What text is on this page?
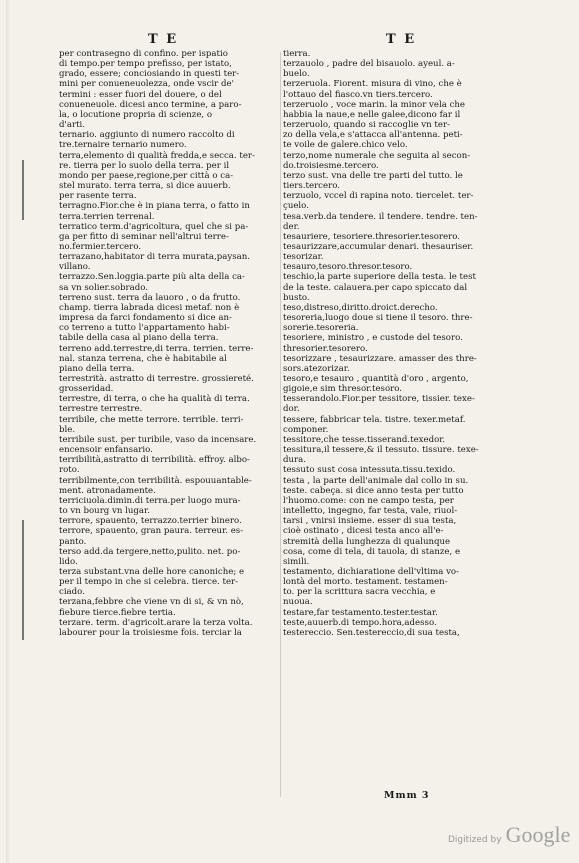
T E	T E
per contrasegno di confino. per ispatio
di tempo.per tempo prefisso, per istato,
grado, essere; conciosiando in questi ter-
mini per conueneuolezza, onde vscir de'
termini : esser fuori del douere, o del
conueneuole. dicesi anco termine, a paro-
la, o locutione propria di scienze, o
d'arti.
ternario. aggiunto di numero raccolto di
tre.ternaire ternario numero.
terra,elemento di qualità fredda,e secca. ter-
re. tierra per lo suolo della terra. per il
mondo per paese,regione,per città o ca-
stel murato. terra terra, si dice auuerb.
per rasente terra.
terragno.Fior.che è in piana terra, o fatto in
terra.terrien terrenal.
terratico term.d'agricoltura, quel che si pa-
ga per fitto di seminar nell'altrui terre-
no.fermier.tercero.
terrazano,habitator di terra murata,paysan.
villano.
terrazzo.Sen.loggia.parte più alta della ca-
sa vn solier.sobrado.
terreno sust. terra da lauoro , o da frutto.
champ. tierra labrada dicesi metaf. non è
impresa da farci fondamento si dice an-
co terreno a tutto l'appartamento habi-
tabile della casa al piano della terra.
terreno add.terrestre,di terra. terrien. terre-
nal. stanza terrena, che è habitabile al
piano della terra.
terrestrità. astratto di terrestre. grossiereté.
grosseridad.
terrestre, di terra, o che ha qualità di terra.
terrestre terrestre.
terribile, che mette terrore. terrible. terri-
ble.
terribile sust. per turibile, vaso da incensare.
encensoir enfansario.
terribilità,astratto di terribilità. effroy. albo-
roto.
terribilmente,con terribilità. espouuantable-
ment. atronadamente.
terriciuola.dimin.di terra.per luogo mura-
to vn bourg vn lugar.
terrore, spauento, terrazzo.terrier binero.
terrore, spauento, gran paura. terreur. es-
panto.
terso add.da tergere,netto,pulito. net. po-
lido.
terza substant.vna delle hore canoniche; e
per il tempo in che si celebra. tierce. ter-
ciado.
terzana,febbre che viene vn di si, & vn nò,
fiebure tierce.fiebre tertia.
terzare. term. d'agricolt.arare la terza volta.
labourer pour la troisiesme fois. terciar la
tierra.
terzauolo , padre del bisauolo. ayeul. a-
buelo.
terzeruola. Fiorent. misura di vino, che è
l'ottauo del fiasco.vn tiers.tercero.
terzeruolo , voce marin. la minor vela che
habbia la naue,e nelle galee,dicono far il
terzeruolo, quando si raccoglie vn ter-
zo della vela,e s'attacca all'antenna. peti-
te voile de galere.chico velo.
terzo,nome numerale che seguita al secon-
do.troisiesme.tercero.
terzo sust. vna delle tre parti del tutto. le
tiers.tercero.
terzuolo, vccel di rapina noto. tiercelet. ter-
çuelo.
tesa.verb.da tendere. il tendere. tendre. ten-
der.
tesauriere, tesoriere.thresorier.tesorero.
tesaurizzare,accumular denari. thesauriser.
tesorizar.
tesauro,tesoro.thresor.tesoro.
teschio,la parte superiore della testa. le test
de la teste. calauera.per capo spiccato dal
busto.
teso,distreso,diritto.droict.derecho.
tesoreria,luogo doue si tiene il tesoro. thre-
sorerie.tesoreria.
tesoriere, ministro , e custode del tesoro.
thresorier.tesorero.
tesorizzare , tesaurizzare. amasser des thre-
sors.atezorizar.
tesoro,e tesauro , quantità d'oro , argento,
gigoie,e sim thresor.tesoro.
tesserandolo.Fior.per tessitore, tissier. texe-
dor.
tessere, fabbricar tela. tistre. texer.metaf.
componer.
tessitore,che tesse.tisserand.texedor.
tessitura,il tessere,& il tessuto. tissure. texe-
dura.
tessuto sust cosa intessuta.tissu.texido.
testa , la parte dell'animale dal collo in su.
teste. cabeça. si dice anno testa per tutto
l'huomo.come: con ne campo testa, per
intelletto, ingegno, far testa, vale, riuol-
tarsi , vnirsi insieme. esser di sua testa,
cioè ostinato , dicesi testa anco all'e-
stremità della lunghezza di qualunque
cosa, come di tela, di tauola, di stanze, e
simili.
testamento, dichiaratione dell'vltima vo-
lontà del morto. testament. testamen-
to. per la scrittura sacra vecchia, e
nuoua.
testare,far testamento.tester.testar.
teste,auuerb.di tempo.hora,adesso.
testereccio. Sen.testereccio,di sua testa,
Mmm 3
Digitized by Google
